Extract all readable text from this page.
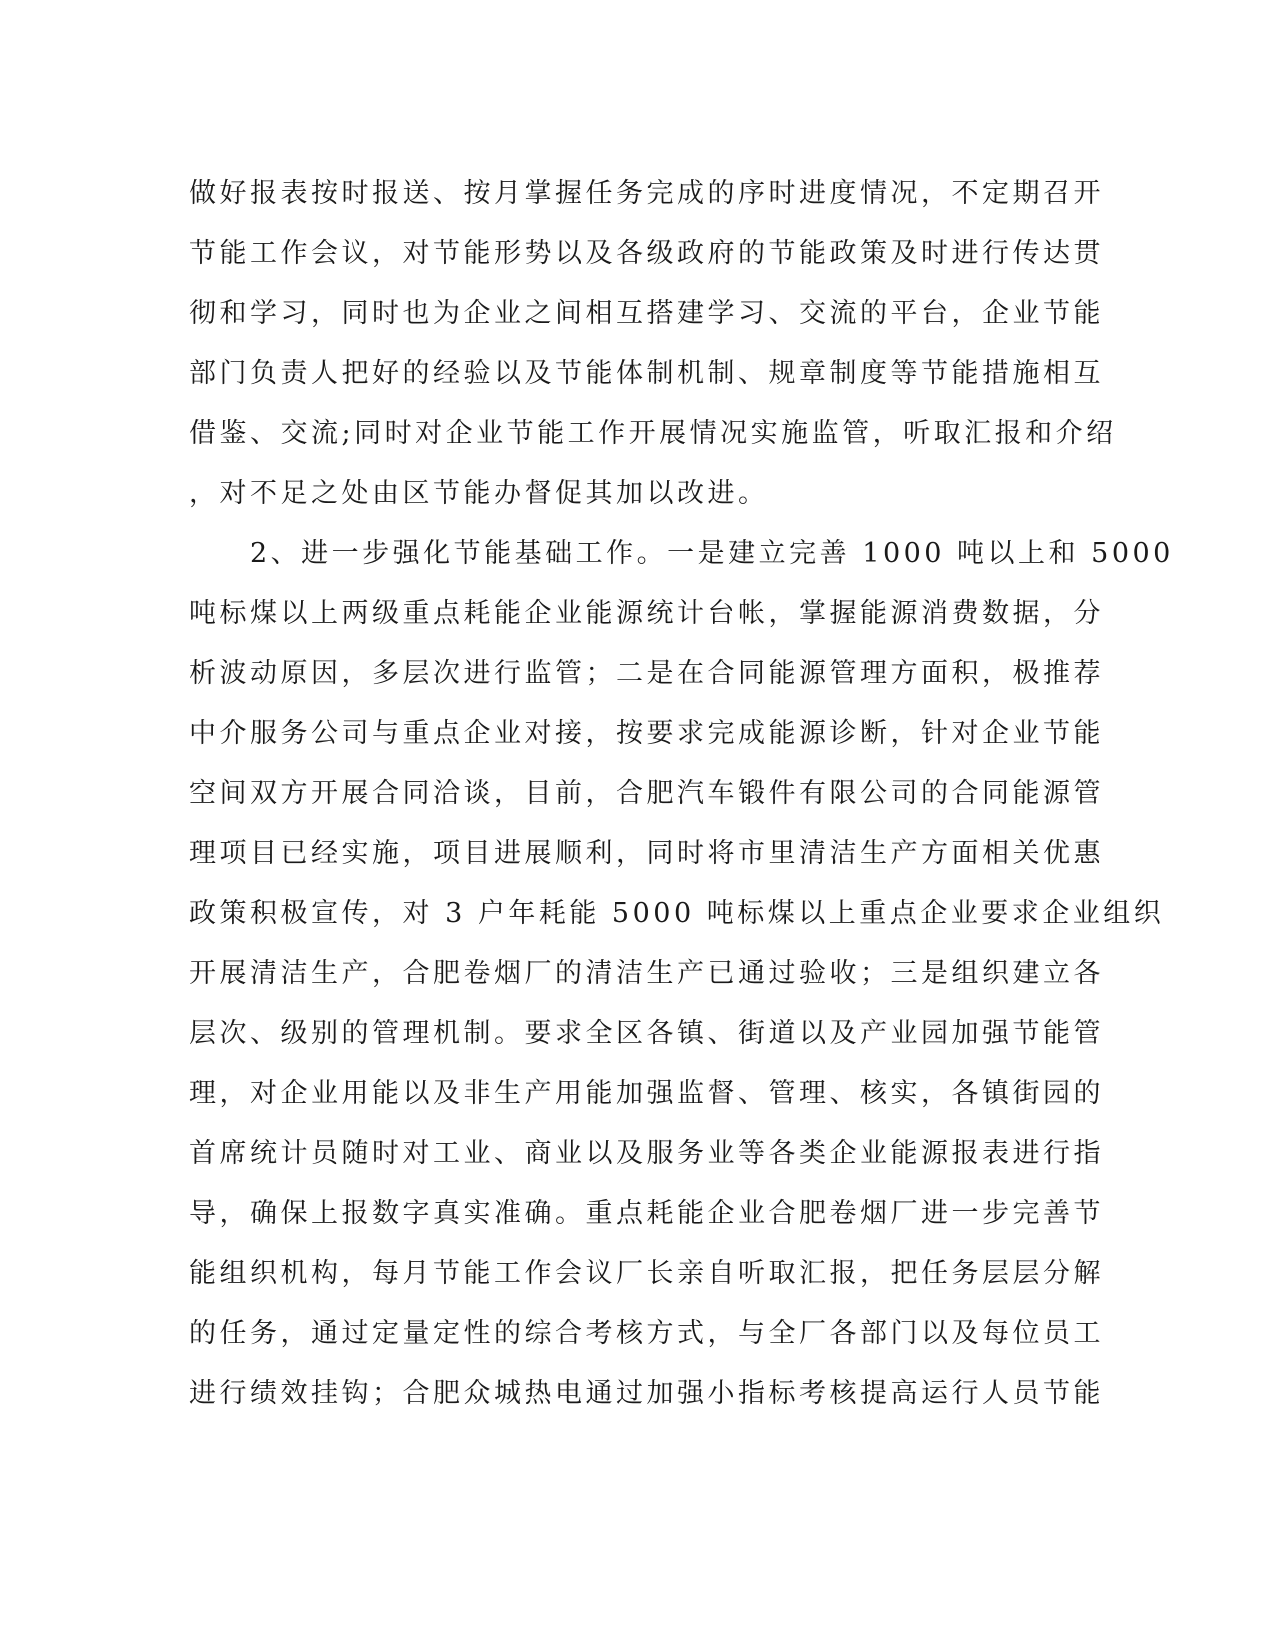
做好报表按时报送、按月掌握任务完成的序时进度情况，不定期召开
节能工作会议，对节能形势以及各级政府的节能政策及时进行传达贯
彻和学习，同时也为企业之间相互搭建学习、交流的平台，企业节能
部门负责人把好的经验以及节能体制机制、规章制度等节能措施相互
借鉴、交流;同时对企业节能工作开展情况实施监管，听取汇报和介绍
，对不足之处由区节能办督促其加以改进。
　　2、进一步强化节能基础工作。一是建立完善 1000 吨以上和 5000
吨标煤以上两级重点耗能企业能源统计台帐，掌握能源消费数据，分
析波动原因，多层次进行监管；二是在合同能源管理方面积，极推荐
中介服务公司与重点企业对接，按要求完成能源诊断，针对企业节能
空间双方开展合同洽谈，目前，合肥汽车锻件有限公司的合同能源管
理项目已经实施，项目进展顺利，同时将市里清洁生产方面相关优惠
政策积极宣传，对 3 户年耗能 5000 吨标煤以上重点企业要求企业组织
开展清洁生产，合肥卷烟厂的清洁生产已通过验收；三是组织建立各
层次、级别的管理机制。要求全区各镇、街道以及产业园加强节能管
理，对企业用能以及非生产用能加强监督、管理、核实，各镇街园的
首席统计员随时对工业、商业以及服务业等各类企业能源报表进行指
导，确保上报数字真实准确。重点耗能企业合肥卷烟厂进一步完善节
能组织机构，每月节能工作会议厂长亲自听取汇报，把任务层层分解
的任务，通过定量定性的综合考核方式，与全厂各部门以及每位员工
进行绩效挂钩；合肥众城热电通过加强小指标考核提高运行人员节能
